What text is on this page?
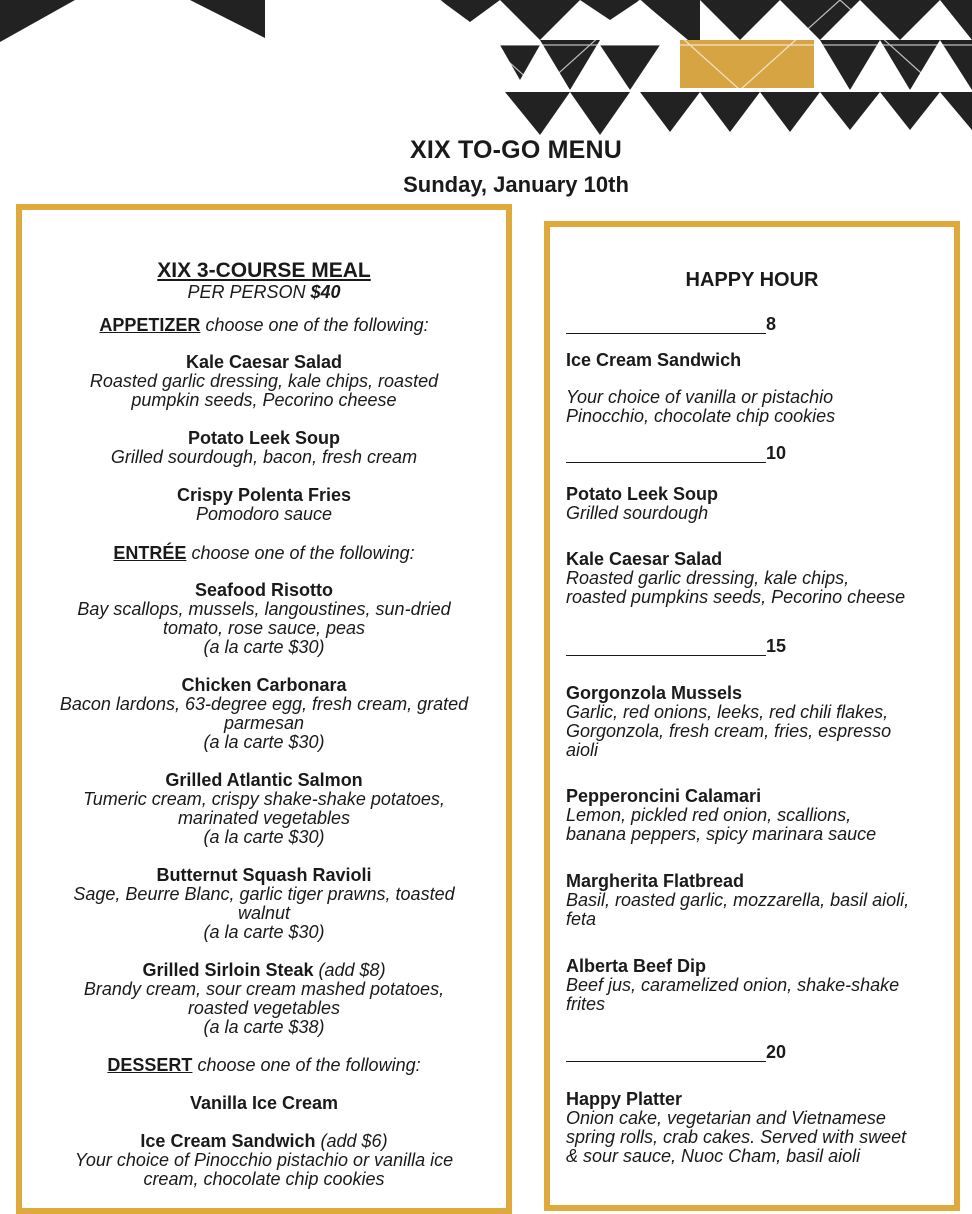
XIX TO-GO MENU
Sunday, January 10th
XIX 3-COURSE MEAL
PER PERSON $40
APPETIZER choose one of the following:
Kale Caesar Salad
Roasted garlic dressing, kale chips, roasted
pumpkin seeds, Pecorino cheese
Potato Leek Soup
Grilled sourdough, bacon, fresh cream
Crispy Polenta Fries
Pomodoro sauce
ENTRÉE choose one of the following:
Seafood Risotto
Bay scallops, mussels, langoustines, sun-dried
tomato, rose sauce, peas
(a la carte $30)
Chicken Carbonara
Bacon lardons, 63-degree egg, fresh cream, grated
parmesan
(a la carte $30)
Grilled Atlantic Salmon
Tumeric cream, crispy shake-shake potatoes,
marinated vegetables
(a la carte $30)
Butternut Squash Ravioli
Sage, Beurre Blanc, garlic tiger prawns, toasted
walnut
(a la carte $30)
Grilled Sirloin Steak (add $8)
Brandy cream, sour cream mashed potatoes,
roasted vegetables
(a la carte $38)
DESSERT choose one of the following:
Vanilla Ice Cream
Ice Cream Sandwich (add $6)
Your choice of Pinocchio pistachio or vanilla ice
cream, chocolate chip cookies
HAPPY HOUR
8
Ice Cream Sandwich
Your choice of vanilla or pistachio
Pinocchio, chocolate chip cookies
10
Potato Leek Soup
Grilled sourdough
Kale Caesar Salad
Roasted garlic dressing, kale chips,
roasted pumpkins seeds, Pecorino cheese
15
Gorgonzola Mussels
Garlic, red onions, leeks, red chili flakes,
Gorgonzola, fresh cream, fries, espresso
aioli
Pepperoncini Calamari
Lemon, pickled red onion, scallions,
banana peppers, spicy marinara sauce
Margherita Flatbread
Basil, roasted garlic, mozzarella, basil aioli,
feta
Alberta Beef Dip
Beef jus, caramelized onion, shake-shake
frites
20
Happy Platter
Onion cake, vegetarian and Vietnamese
spring rolls, crab cakes. Served with sweet
& sour sauce, Nuoc Cham, basil aioli
